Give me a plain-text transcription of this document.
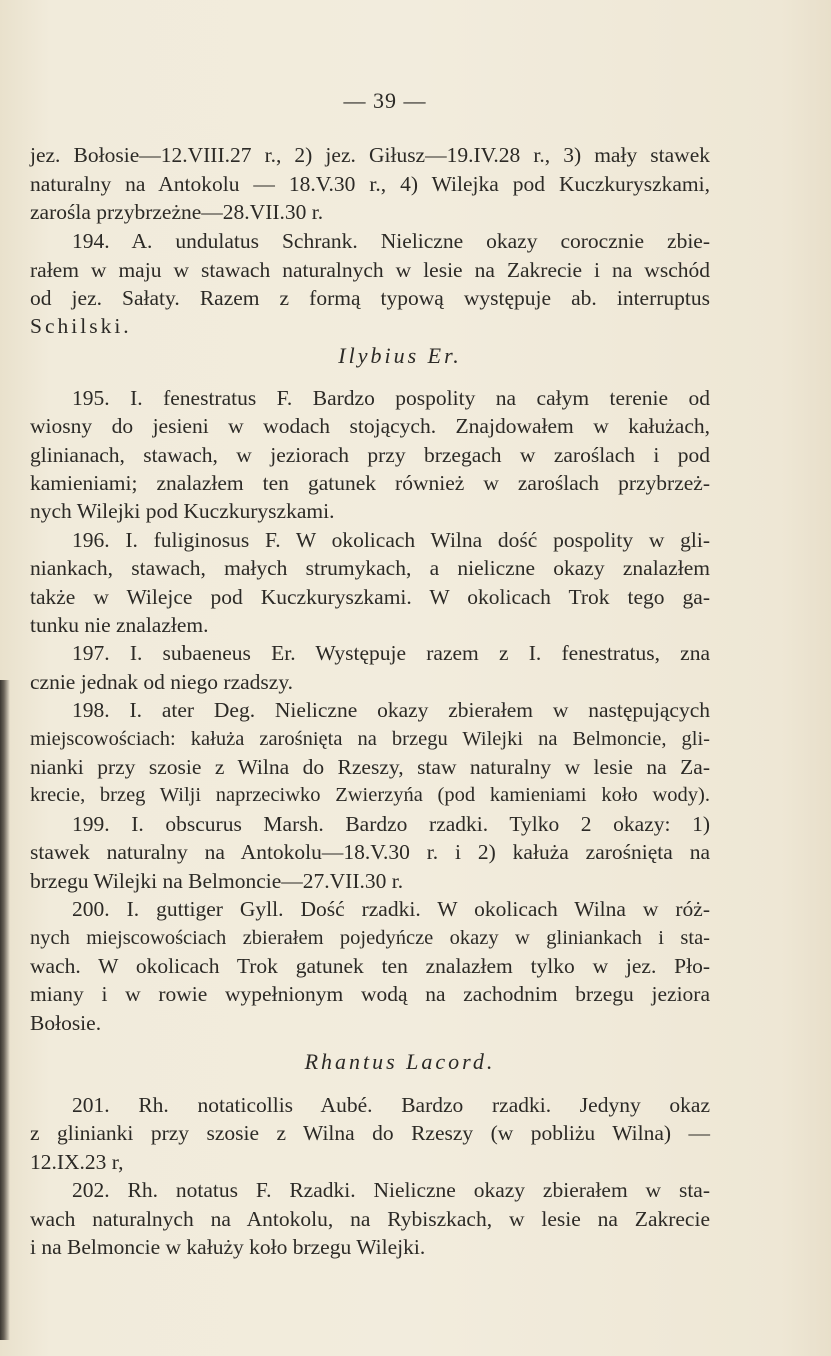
— 39 —
jez. Bołosie—12.VIII.27 r., 2) jez. Giłusz—19.IV.28 r., 3) mały stawek
naturalny na Antokolu — 18.V.30 r., 4) Wilejka pod Kuczkuryszkami,
zarośla przybrzeżne—28.VII.30 r.
194. A. undulatus Schrank. Nieliczne okazy corocznie zbie-
rałem w maju w stawach naturalnych w lesie na Zakrecie i na wschód
od jez. Sałaty. Razem z formą typową występuje ab. interruptus
Schilski.
Ilybius Er.
195. I. fenestratus F. Bardzo pospolity na całym terenie od
wiosny do jesieni w wodach stojących. Znajdowałem w kałużach,
glinianach, stawach, w jeziorach przy brzegach w zaroślach i pod
kamieniami; znalazłem ten gatunek również w zaroślach przybrzeż-
nych Wilejki pod Kuczkuryszkami.
196. I. fuliginosus F. W okolicach Wilna dość pospolity w gli-
niankach, stawach, małych strumykach, a nieliczne okazy znalazłem
także w Wilejce pod Kuczkuryszkami. W okolicach Trok tego ga-
tunku nie znalazłem.
197. I. subaeneus Er. Występuje razem z I. fenestratus, zna
cznie jednak od niego rzadszy.
198. I. ater Deg. Nieliczne okazy zbierałem w następujących
miejscowościach: kałuża zarośnięta na brzegu Wilejki na Belmoncie, gli-
nianki przy szosie z Wilna do Rzeszy, staw naturalny w lesie na Za-
krecie, brzeg Wilji naprzeciwko Zwierzyńa (pod kamieniami koło wody).
199. I. obscurus Marsh. Bardzo rzadki. Tylko 2 okazy: 1)
stawek naturalny na Antokolu—18.V.30 r. i 2) kałuża zarośnięta na
brzegu Wilejki na Belmoncie—27.VII.30 r.
200. I. guttiger Gyll. Dość rzadki. W okolicach Wilna w róż-
nych miejscowościach zbierałem pojedyńcze okazy w gliniankach i sta-
wach. W okolicach Trok gatunek ten znalazłem tylko w jez. Pło-
miany i w rowie wypełnionym wodą na zachodnim brzegu jeziora
Bołosie.
Rhantus Lacord.
201. Rh. notaticollis Aubé. Bardzo rzadki. Jedyny okaz
z glinianki przy szosie z Wilna do Rzeszy (w pobliżu Wilna) —
12.IX.23 r,
202. Rh. notatus F. Rzadki. Nieliczne okazy zbierałem w sta-
wach naturalnych na Antokolu, na Rybiszkach, w lesie na Zakrecie
i na Belmoncie w kałuży koło brzegu Wilejki.
